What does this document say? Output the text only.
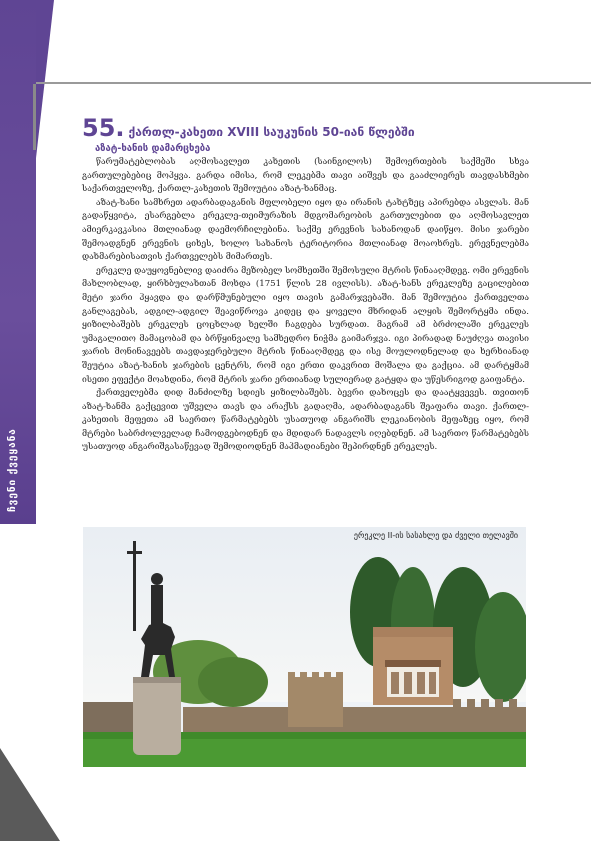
ჩვენი ქვეყანა
55. ქართლ-კახეთი XVIII საუკუნის 50-იან წლებში
აზატ-ხანის დამარცხება

წარუმატებლობას აღმოსავლეთ კახეთის (საინგილოს) შემოერთების საქმეში სხვა გართულებებიც მოჰყვა. გარდა იმისა, რომ ლეკებმა თავი აიშვეს და გააძლიერეს თავდასხმები საქართველოზე, ქართლ-კახეთის შემოუტია აზატ-ხანმაც.

აზატ-ხანი სამხრეთ ადარბადაგანის მფლობელი იყო და ირანის ტახტზეც აპირებდა ასვლას. მან გადაწყვიტა, ესარგებლა ერეკლე-თეიმურაზის მდგომარეობის გართულებით და აღმოსავლეთ ამიერკავკასია მთლიანად დაემორჩილებინა. საქმე ერევნის სახანოდან დაიწყო. მისი ჯარები შემოადგნენ ერევნის ციხეს, ხოლო სახანოს ტერიტორია მთლიანად მოაოხრეს. ერევნელებმა დახმარებისათვის ქართველებს მიმართეს.

ერეკლე დაუყოვნებლივ დაიძრა მეზობელ სომხეთში შემოსული მტრის წინააღმდეგ. ომი ერევნის მახლობლად, ყირხბულახთან მოხდა (1751 წლის 28 ივლისს). აზატ-ხანს ერეკლეზე გაცილებით მეტი ჯარი ჰყავდა და დარწმუნებული იყო თავის გამარჯვებაში. მან შემოუტია ქართველთა განლაგებას, ადგილ-ადგილ შეავიწროვა კიდეც და ყოველი მხრიდან ალყის შემორტყმა ინდა. ყიზილბაშებს ერეკლეს ცოცხლად ხელში ჩაგდება სურდათ. მაგრამ ამ ბრძოლაში ერეკლეს უმაგალითო მამაცობამ და ბრწყინვალე სამხედრო ნიჭმა გაიმარჯვა. იგი პირადად ნაუძღვა თავისი ჯარის მონინავეებს თავდაჯერებული მტრის წინააღმდეგ და ისე მოულოდნელად და ხერხიანად შეუტია აზატ-ხანის ჯარების ცენტრს, რომ იგი ერთი დაკვრით მოშალა და გაქცია. ამ დარტყმამ ისეთი ეფექტი მოახდინა, რომ მტრის ჯარი ერთიანად სულიერად გატყდა და უწესრიგოდ გაიფანტა.

ქართველებმა დიდ მანძილზე სდიეს ყიზილბაშებს. ბევრი დახოცეს და დაატყვევეს. თვითონ აზატ-ხანმა გაქცევით უშველა თავს და არაქსს გადაღმა, ადარბადაგანს შეაფარა თავი. ქართლ-კახეთის მეფეთა ამ საერთო წარმატებებს უსათუოდ ანგარიშს ლეკიანობის მეფაზეც იყო, რომ მტრები საბრძოლველად ჩამოდგებოდნენ და მდიდარ ნადავლს იღებდნენ. ამ საერთო წარმატებებს უსათუოდ ანგარიშგასაწევად შემოდიოდნენ მაჰმადიანები შეპირდნენ ერეკლეს.

ერეკლე II-ის სასახლე და ძველი თელავში
272
